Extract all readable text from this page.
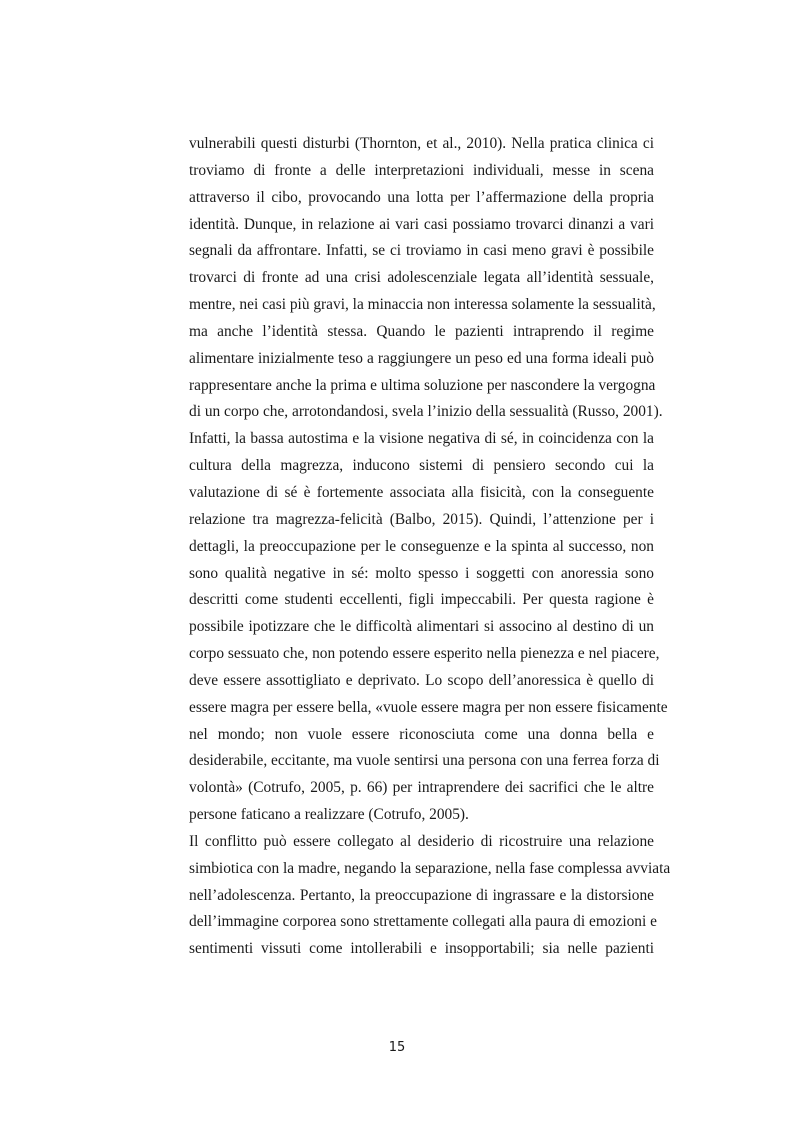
vulnerabili questi disturbi (Thornton, et al., 2010). Nella pratica clinica ci
troviamo di fronte a delle interpretazioni individuali, messe in scena
attraverso il cibo, provocando una lotta per l’affermazione della propria
identità. Dunque, in relazione ai vari casi possiamo trovarci dinanzi a vari
segnali da affrontare. Infatti, se ci troviamo in casi meno gravi è possibile
trovarci di fronte ad una crisi adolescenziale legata all’identità sessuale,
mentre, nei casi più gravi, la minaccia non interessa solamente la sessualità,
ma anche l’identità stessa. Quando le pazienti intraprendo il regime
alimentare inizialmente teso a raggiungere un peso ed una forma ideali può
rappresentare anche la prima e ultima soluzione per nascondere la vergogna
di un corpo che, arrotondandosi, svela l’inizio della sessualità (Russo, 2001).
Infatti, la bassa autostima e la visione negativa di sé, in coincidenza con la
cultura della magrezza, inducono sistemi di pensiero secondo cui la
valutazione di sé è fortemente associata alla fisicità, con la conseguente
relazione tra magrezza-felicità (Balbo, 2015). Quindi, l’attenzione per i
dettagli, la preoccupazione per le conseguenze e la spinta al successo, non
sono qualità negative in sé: molto spesso i soggetti con anoressia sono
descritti come studenti eccellenti, figli impeccabili. Per questa ragione è
possibile ipotizzare che le difficoltà alimentari si associno al destino di un
corpo sessuato che, non potendo essere esperito nella pienezza e nel piacere,
deve essere assottigliato e deprivato. Lo scopo dell’anoressica è quello di
essere magra per essere bella, «vuole essere magra per non essere fisicamente
nel mondo; non vuole essere riconosciuta come una donna bella e
desiderabile, eccitante, ma vuole sentirsi una persona con una ferrea forza di
volontà» (Cotrufo, 2005, p. 66) per intraprendere dei sacrifici che le altre
persone faticano a realizzare (Cotrufo, 2005).
Il conflitto può essere collegato al desiderio di ricostruire una relazione
simbiotica con la madre, negando la separazione, nella fase complessa avviata
nell’adolescenza. Pertanto, la preoccupazione di ingrassare e la distorsione
dell’immagine corporea sono strettamente collegati alla paura di emozioni e
sentimenti vissuti come intollerabili e insopportabili; sia nelle pazienti
15
